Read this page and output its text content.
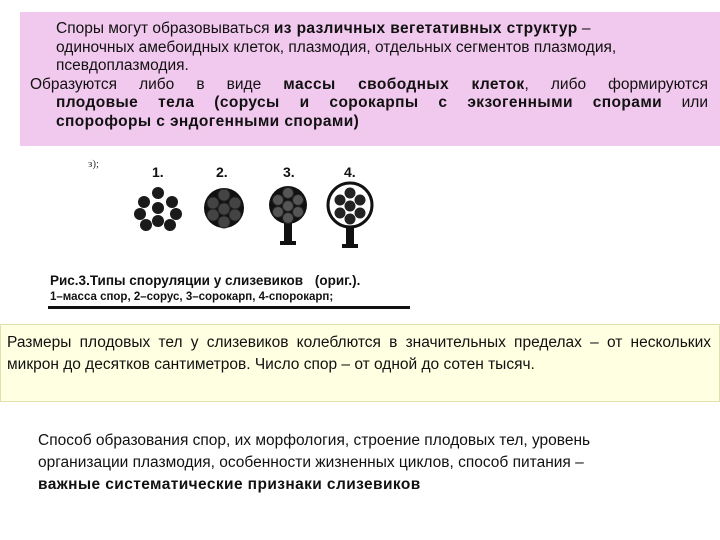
Споры могут образовываться из различных вегетативных структур –

одиночных амебоидных клеток, плазмодия, отдельных сегментов плазмодия,

псевдоплазмодия.

Образуются либо в виде массы свободных клеток, либо формируются

плодовые тела (сорусы и сорокарпы с экзогенными спорами или

спорофоры с эндогенными спорами)

з);	1.	2.	3.	4.
Рис.3.Типы споруляции у слизевиков (ориг.).
1–масса спор, 2–сорус, 3–сорокарп, 4-спорокарп;
Размеры плодовых тел у слизевиков колеблются в значительных пределах – от нескольких микрон до десятков сантиметров. Число спор – от одной до сотен тысяч.

Способ образования спор, их морфология, строение плодовых тел, уровень

организации плазмодия, особенности жизненных циклов, способ питания –

важные систематические признаки слизевиков
